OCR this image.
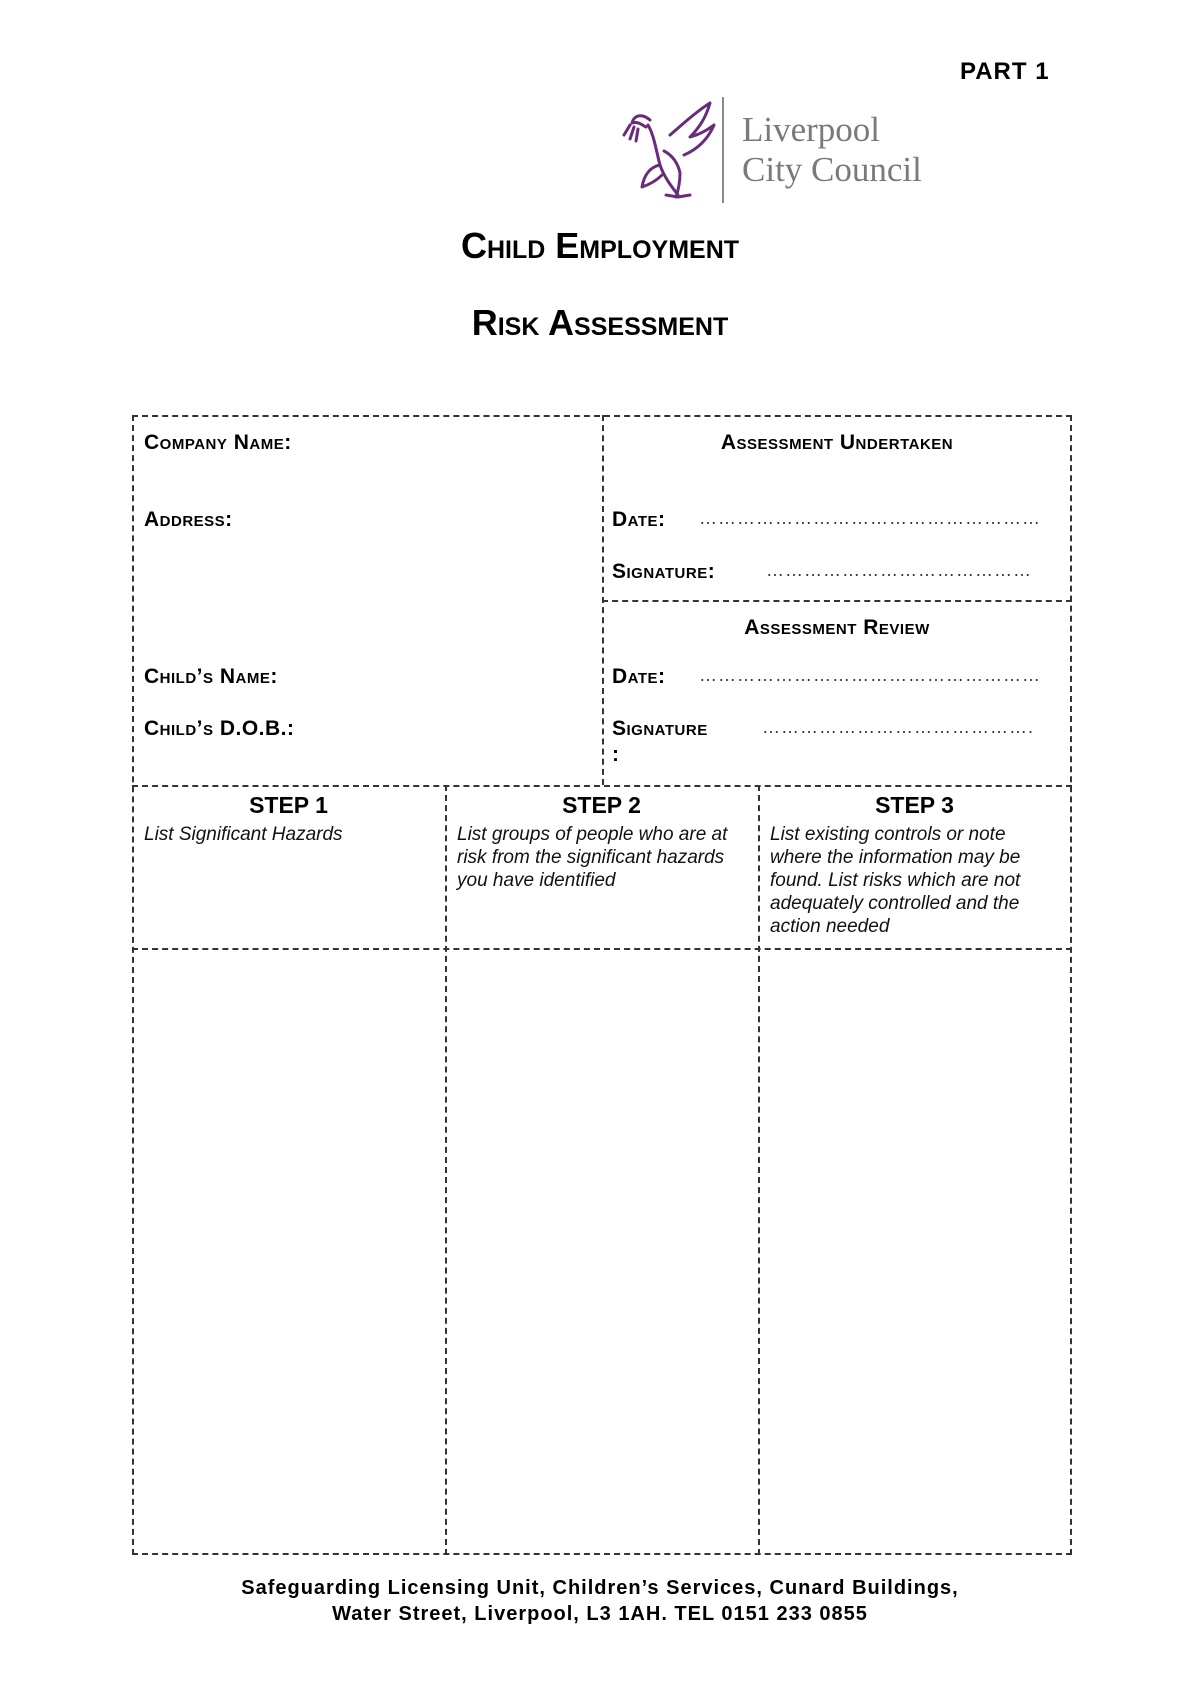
PART 1
Liverpool
City Council
Child Employment
Risk Assessment
Company Name:
Address:
Child’s Name:
Child’s D.O.B.:
Assessment Undertaken
Date: ………………………………………………
Signature:	……………………………………
Assessment Review
Date: ………………………………………………
Signature
:
…………………………………….
STEP 1
List Significant Hazards
STEP 2
List groups of people who are at risk from the significant hazards you have identified
STEP 3
List existing controls or note where the information may be found. List risks which are not adequately controlled and the action needed
Safeguarding Licensing Unit, Children’s Services, Cunard Buildings,
Water Street, Liverpool, L3 1AH. TEL 0151 233 0855
